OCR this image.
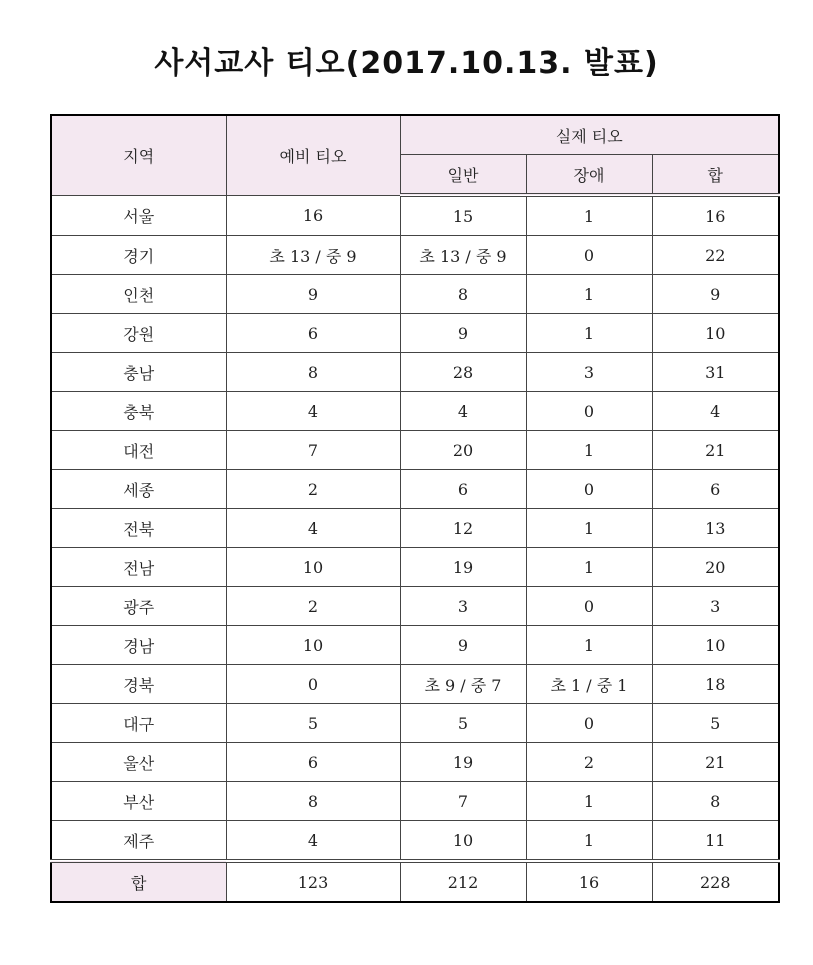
사서교사 티오(2017.10.13. 발표)
지역	예비 티오	실제 티오		
		일반	장애	합
서울	16	15	1	16
경기	초 13 / 중 9	초 13 / 중 9	0	22
인천	9	8	1	9
강원	6	9	1	10
충남	8	28	3	31
충북	4	4	0	4
대전	7	20	1	21
세종	2	6	0	6
전북	4	12	1	13
전남	10	19	1	20
광주	2	3	0	3
경남	10	9	1	10
경북	0	초 9 / 중 7	초 1 / 중 1	18
대구	5	5	0	5
울산	6	19	2	21
부산	8	7	1	8
제주	4	10	1	11
합	123	212	16	228
